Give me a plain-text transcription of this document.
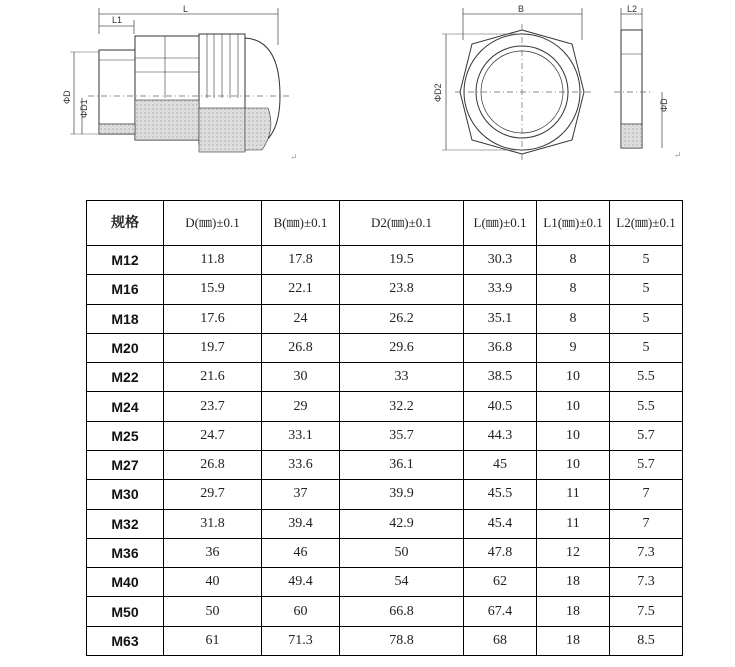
L
L1
ΦD
ΦD1
↵
B
ΦD2
L2
ΦD
↵
规格	D(㎜)±0.1	B(㎜)±0.1	D2(㎜)±0.1	L(㎜)±0.1	L1(㎜)±0.1	L2(㎜)±0.1
M12	11.8	17.8	19.5	30.3	8	5
M16	15.9	22.1	23.8	33.9	8	5
M18	17.6	24	26.2	35.1	8	5
M20	19.7	26.8	29.6	36.8	9	5
M22	21.6	30	33	38.5	10	5.5
M24	23.7	29	32.2	40.5	10	5.5
M25	24.7	33.1	35.7	44.3	10	5.7
M27	26.8	33.6	36.1	45	10	5.7
M30	29.7	37	39.9	45.5	11	7
M32	31.8	39.4	42.9	45.4	11	7
M36	36	46	50	47.8	12	7.3
M40	40	49.4	54	62	18	7.3
M50	50	60	66.8	67.4	18	7.5
M63	61	71.3	78.8	68	18	8.5
